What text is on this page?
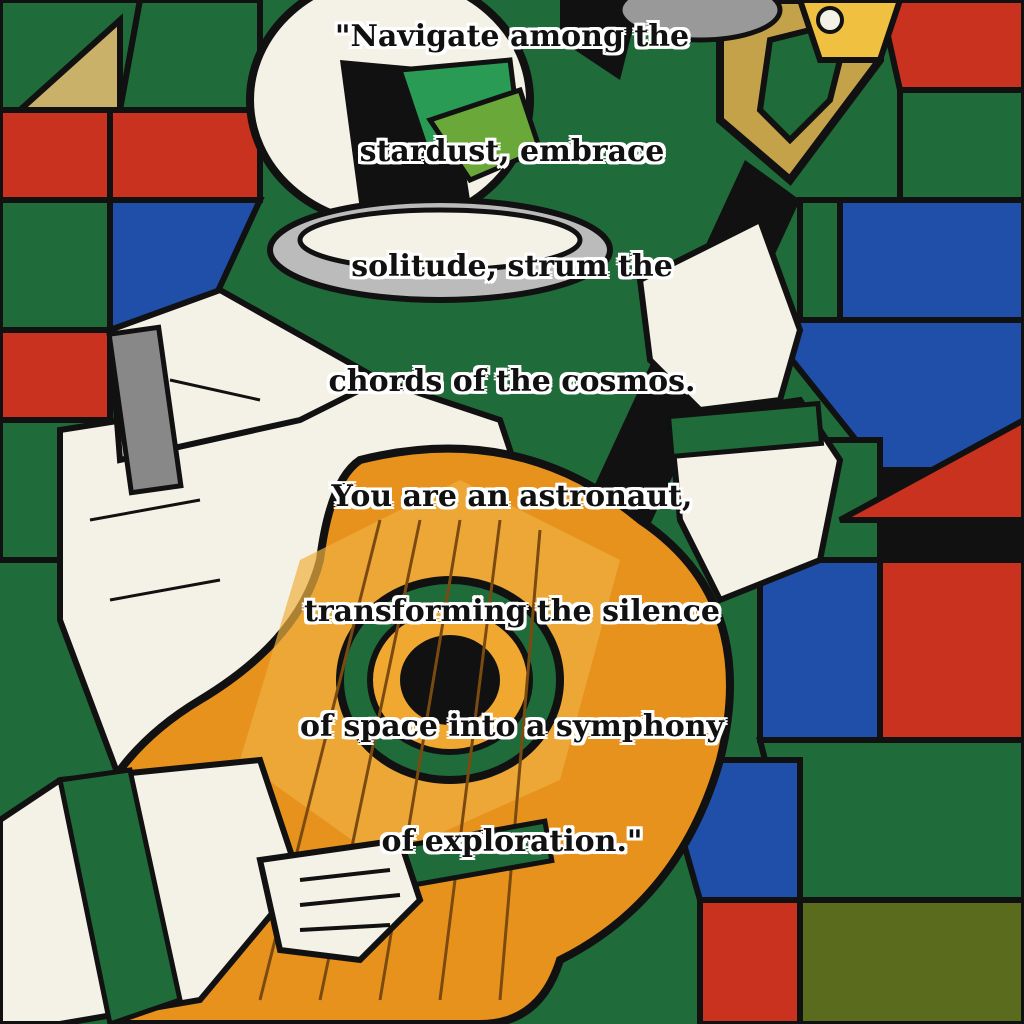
"Navigate among the
stardust, embrace
solitude, strum the
chords of the cosmos.
You are an astronaut,
transforming the silence
of space into a symphony
of exploration."
